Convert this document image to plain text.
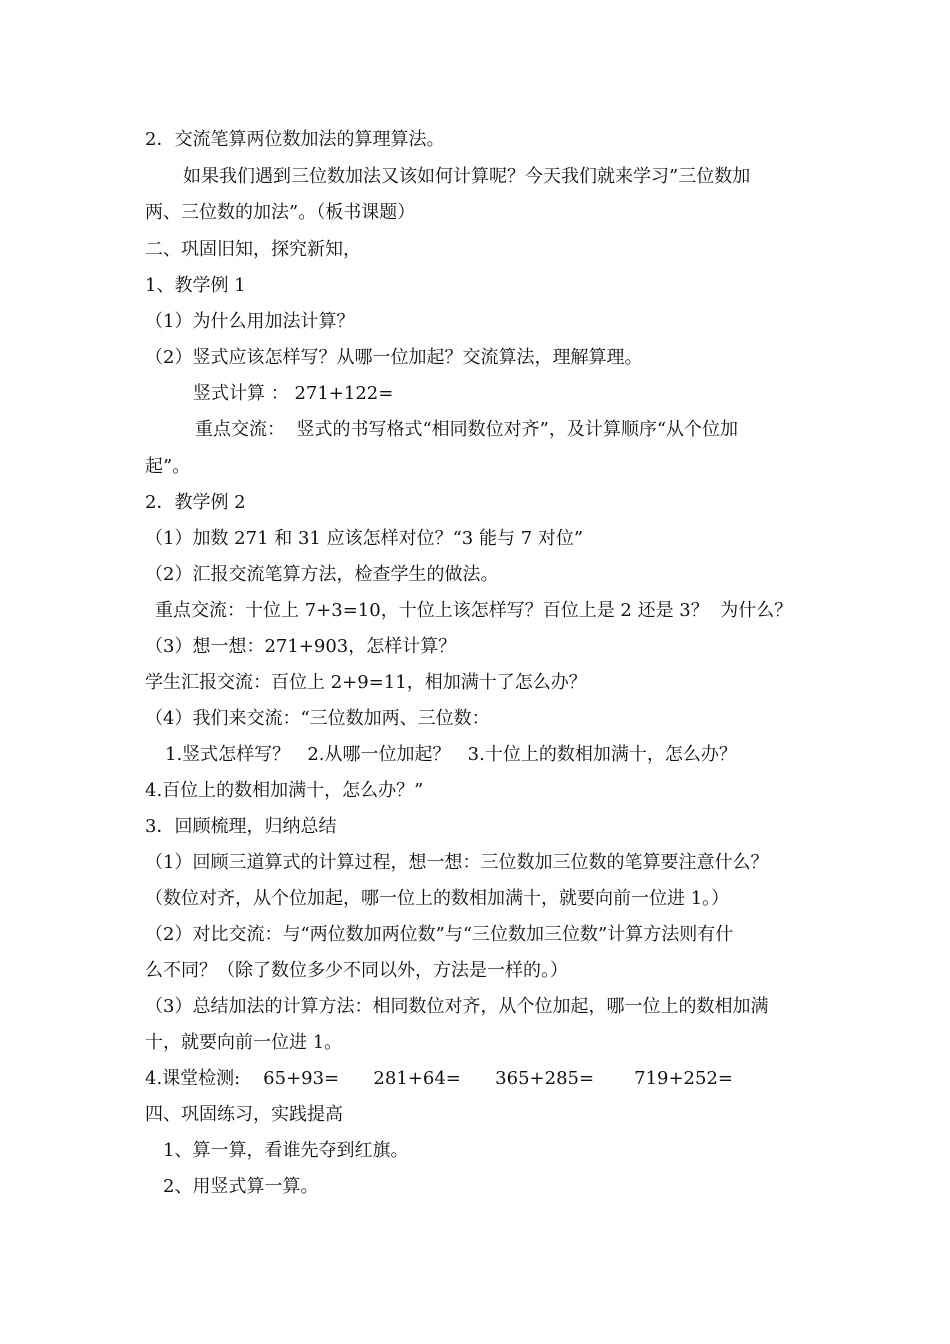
2．交流笔算两位数加法的算理算法。
如果我们遇到三位数加法又该如何计算呢？今天我们就来学习”三位数加
两、三位数的加法”。（板书课题）
二、巩固旧知，探究新知，
1、教学例 1
（1）为什么用加法计算？
（2）竖式应该怎样写？从哪一位加起？交流算法，理解算理。
竖式计算 ： 271+122=
重点交流：  竖式的书写格式“相同数位对齐”，及计算顺序“从个位加
起”。
2．教学例 2
（1）加数 271 和 31 应该怎样对位？“3 能与 7 对位”
（2）汇报交流笔算方法，检查学生的做法。
重点交流：十位上 7+3=10，十位上该怎样写？百位上是 2 还是 3？  为什么？
（3）想一想：271+903，怎样计算？
学生汇报交流：百位上 2+9=11，相加满十了怎么办？
（4）我们来交流：“三位数加两、三位数：
1.竖式怎样写？   2.从哪一位加起？   3.十位上的数相加满十，怎么办？
4.百位上的数相加满十，怎么办？”
3．回顾梳理，归纳总结
（1）回顾三道算式的计算过程，想一想：三位数加三位数的笔算要注意什么？
（数位对齐，从个位加起，哪一位上的数相加满十，就要向前一位进 1。）
（2）对比交流：与“两位数加两位数”与“三位数加三位数”计算方法则有什
么不同？（除了数位多少不同以外，方法是一样的。）
（3）总结加法的计算方法：相同数位对齐，从个位加起，哪一位上的数相加满
十，就要向前一位进 1。
4.课堂检测:    65+93=      281+64=      365+285=       719+252=
四、巩固练习，实践提高
1、算一算，看谁先夺到红旗。
2、用竖式算一算。
